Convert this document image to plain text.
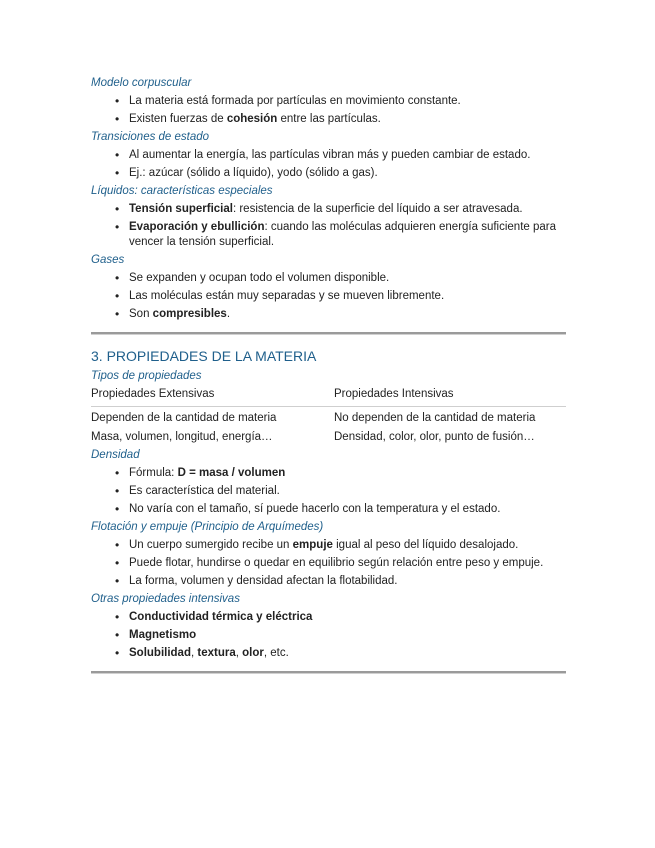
Modelo corpuscular
• La materia está formada por partículas en movimiento constante.
• Existen fuerzas de cohesión entre las partículas.
Transiciones de estado
• Al aumentar la energía, las partículas vibran más y pueden cambiar de estado.
• Ej.: azúcar (sólido a líquido), yodo (sólido a gas).
Líquidos: características especiales
• Tensión superficial: resistencia de la superficie del líquido a ser atravesada.
• Evaporación y ebullición: cuando las moléculas adquieren energía suficiente para vencer la tensión superficial.
Gases
• Se expanden y ocupan todo el volumen disponible.
• Las moléculas están muy separadas y se mueven libremente.
• Son compresibles.
3. PROPIEDADES DE LA MATERIA
Tipos de propiedades
Propiedades Extensivas	Propiedades Intensivas
Dependen de la cantidad de materia	No dependen de la cantidad de materia
Masa, volumen, longitud, energía…	Densidad, color, olor, punto de fusión…
Densidad
• Fórmula: D = masa / volumen
• Es característica del material.
• No varía con el tamaño, sí puede hacerlo con la temperatura y el estado.
Flotación y empuje (Principio de Arquímedes)
• Un cuerpo sumergido recibe un empuje igual al peso del líquido desalojado.
• Puede flotar, hundirse o quedar en equilibrio según relación entre peso y empuje.
• La forma, volumen y densidad afectan la flotabilidad.
Otras propiedades intensivas
• Conductividad térmica y eléctrica
• Magnetismo
• Solubilidad, textura, olor, etc.
